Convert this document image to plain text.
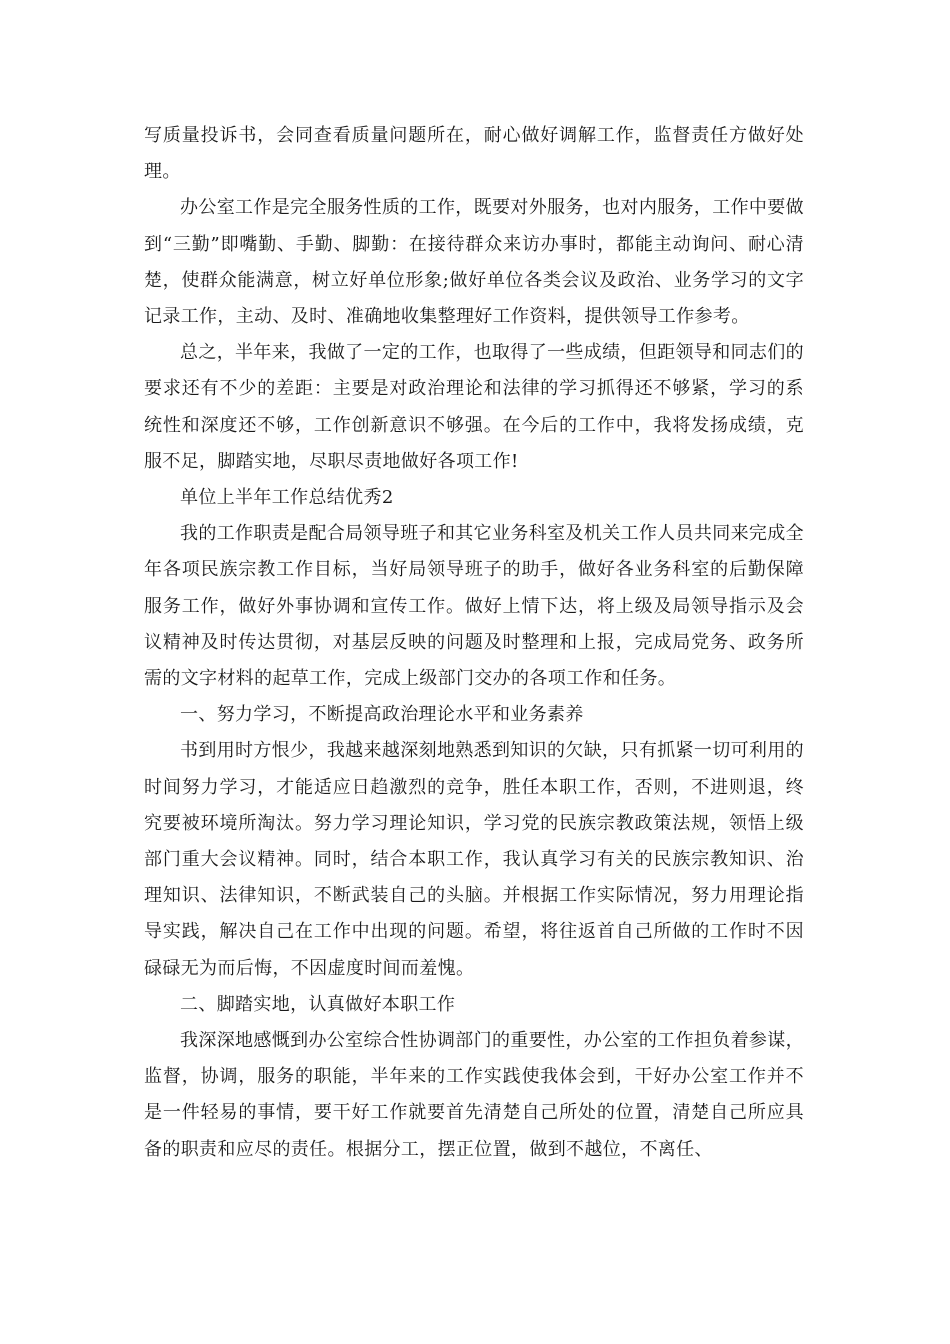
写质量投诉书，会同查看质量问题所在，耐心做好调解工作，监督责任方做好处理。

办公室工作是完全服务性质的工作，既要对外服务，也对内服务，工作中要做到“三勤”即嘴勤、手勤、脚勤：在接待群众来访办事时，都能主动询问、耐心清楚，使群众能满意，树立好单位形象;做好单位各类会议及政治、业务学习的文字记录工作，主动、及时、准确地收集整理好工作资料，提供领导工作参考。

总之，半年来，我做了一定的工作，也取得了一些成绩，但距领导和同志们的要求还有不少的差距：主要是对政治理论和法律的学习抓得还不够紧，学习的系统性和深度还不够，工作创新意识不够强。在今后的工作中，我将发扬成绩，克服不足，脚踏实地，尽职尽责地做好各项工作!

单位上半年工作总结优秀2

我的工作职责是配合局领导班子和其它业务科室及机关工作人员共同来完成全年各项民族宗教工作目标，当好局领导班子的助手，做好各业务科室的后勤保障服务工作，做好外事协调和宣传工作。做好上情下达，将上级及局领导指示及会议精神及时传达贯彻，对基层反映的问题及时整理和上报，完成局党务、政务所需的文字材料的起草工作，完成上级部门交办的各项工作和任务。

一、努力学习，不断提高政治理论水平和业务素养

书到用时方恨少，我越来越深刻地熟悉到知识的欠缺，只有抓紧一切可利用的时间努力学习，才能适应日趋激烈的竞争，胜任本职工作，否则，不进则退，终究要被环境所淘汰。努力学习理论知识，学习党的民族宗教政策法规，领悟上级部门重大会议精神。同时，结合本职工作，我认真学习有关的民族宗教知识、治理知识、法律知识，不断武装自己的头脑。并根据工作实际情况，努力用理论指导实践，解决自己在工作中出现的问题。希望，将往返首自己所做的工作时不因碌碌无为而后悔，不因虚度时间而羞愧。

二、脚踏实地，认真做好本职工作

我深深地感慨到办公室综合性协调部门的重要性，办公室的工作担负着参谋，监督，协调，服务的职能，半年来的工作实践使我体会到，干好办公室工作并不是一件轻易的事情，要干好工作就要首先清楚自己所处的位置，清楚自己所应具备的职责和应尽的责任。根据分工，摆正位置，做到不越位，不离任、
